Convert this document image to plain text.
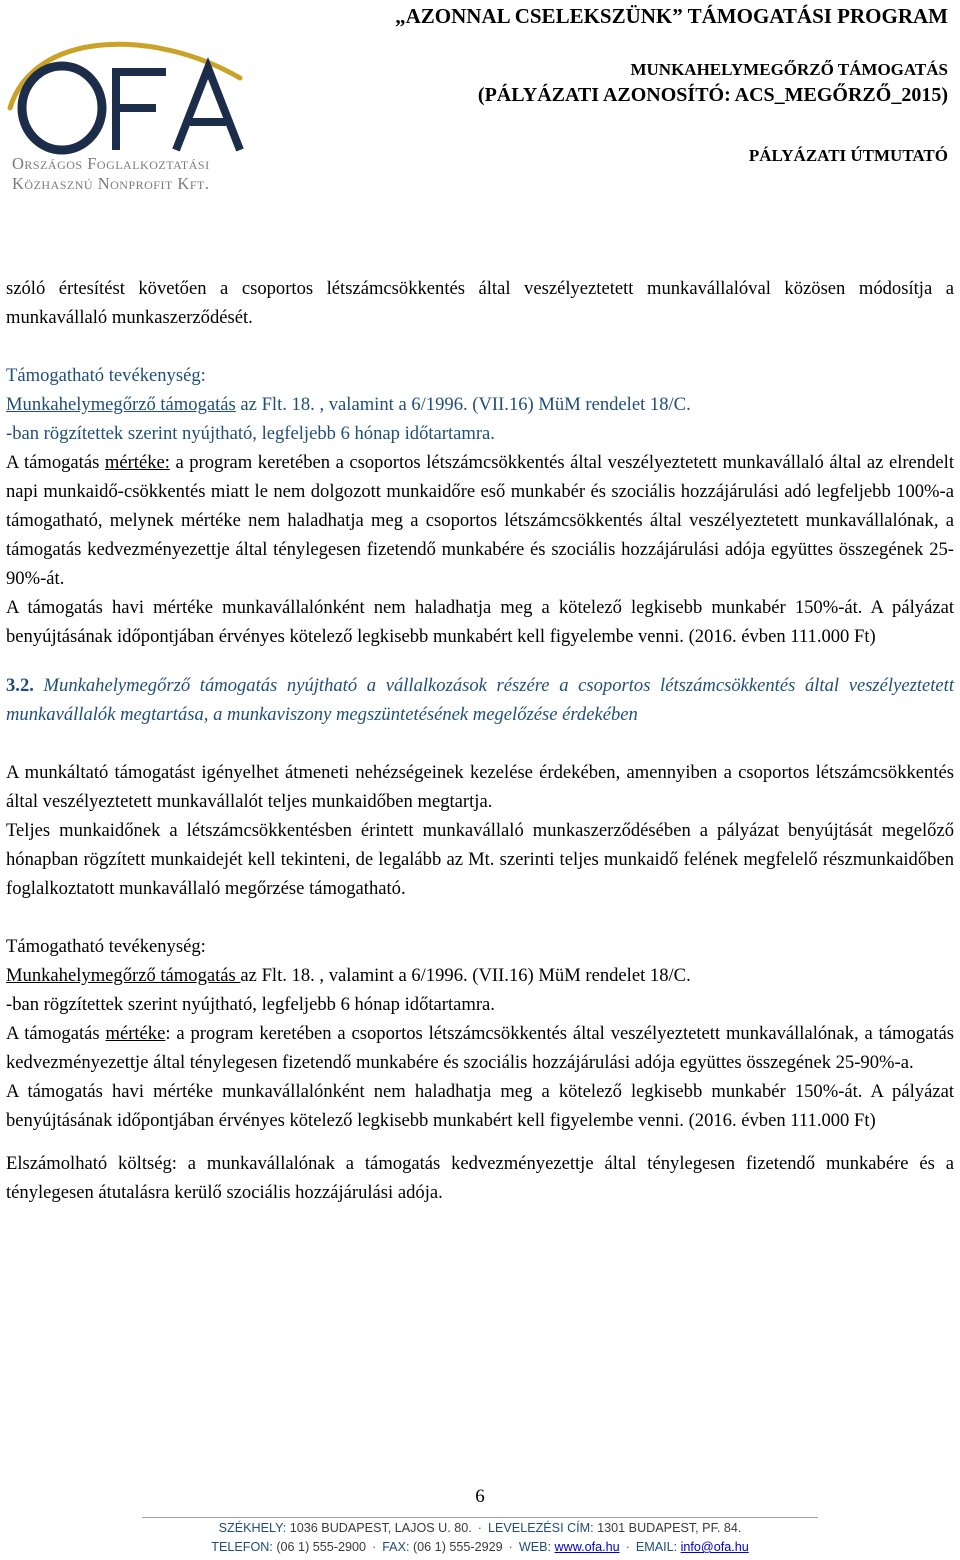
Országos Foglalkoztatási
Közhasznú Nonprofit Kft.
„AZONNAL CSELEKSZÜNK” TÁMOGATÁSI PROGRAM
MUNKAHELYMEGŐRZŐ TÁMOGATÁS
(PÁLYÁZATI AZONOSÍTÓ: ACS_MEGŐRZŐ_2015)
PÁLYÁZATI ÚTMUTATÓ

szóló értesítést követően a csoportos létszámcsökkentés által veszélyeztetett munkavállalóval közösen módosítja a munkavállaló munkaszerződését.

Támogatható tevékenység:

Munkahelymegőrző támogatás az Flt. 18. , valamint a 6/1996. (VII.16) MüM rendelet 18/C.

-ban rögzítettek szerint nyújtható, legfeljebb 6 hónap időtartamra.

A támogatás mértéke: a program keretében a csoportos létszámcsökkentés által veszélyeztetett munkavállaló által az elrendelt napi munkaidő-csökkentés miatt le nem dolgozott munkaidőre eső munkabér és szociális hozzájárulási adó legfeljebb 100%-a támogatható, melynek mértéke nem haladhatja meg a csoportos létszámcsökkentés által veszélyeztetett munkavállalónak, a támogatás kedvezményezettje által ténylegesen fizetendő munkabére és szociális hozzájárulási adója együttes összegének 25-90%-át.

A támogatás havi mértéke munkavállalónként nem haladhatja meg a kötelező legkisebb munkabér 150%-át. A pályázat benyújtásának időpontjában érvényes kötelező legkisebb munkabért kell figyelembe venni. (2016. évben 111.000 Ft)

3.2. Munkahelymegőrző támogatás nyújtható a vállalkozások részére a csoportos létszámcsökkentés által veszélyeztetett munkavállalók megtartása, a munkaviszony megszüntetésének megelőzése érdekében

A munkáltató támogatást igényelhet átmeneti nehézségeinek kezelése érdekében, amennyiben a csoportos létszámcsökkentés által veszélyeztetett munkavállalót teljes munkaidőben megtartja.

Teljes munkaidőnek a létszámcsökkentésben érintett munkavállaló munkaszerződésében a pályázat benyújtását megelőző hónapban rögzített munkaidejét kell tekinteni, de legalább az Mt. szerinti teljes munkaidő felének megfelelő részmunkaidőben foglalkoztatott munkavállaló megőrzése támogatható.

Támogatható tevékenység:

Munkahelymegőrző támogatás az Flt. 18. , valamint a 6/1996. (VII.16) MüM rendelet 18/C.

-ban rögzítettek szerint nyújtható, legfeljebb 6 hónap időtartamra.

A támogatás mértéke: a program keretében a csoportos létszámcsökkentés által veszélyeztetett munkavállalónak, a támogatás kedvezményezettje által ténylegesen fizetendő munkabére és szociális hozzájárulási adója együttes összegének 25-90%-a.

A támogatás havi mértéke munkavállalónként nem haladhatja meg a kötelező legkisebb munkabér 150%-át. A pályázat benyújtásának időpontjában érvényes kötelező legkisebb munkabért kell figyelembe venni. (2016. évben 111.000 Ft)

Elszámolható költség: a munkavállalónak a támogatás kedvezményezettje által ténylegesen fizetendő munkabére és a ténylegesen átutalásra kerülő szociális hozzájárulási adója.

6
SZÉKHELY: 1036 BUDAPEST, LAJOS U. 80. · LEVELEZÉSI CÍM: 1301 BUDAPEST, PF. 84.
TELEFON: (06 1) 555-2900 · FAX: (06 1) 555-2929 · WEB: www.ofa.hu · EMAIL: info@ofa.hu
